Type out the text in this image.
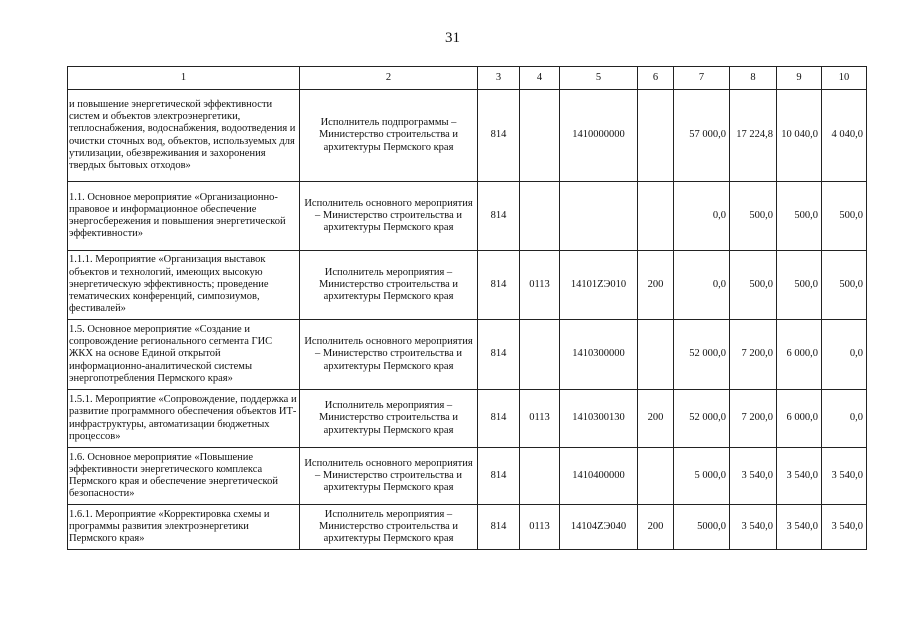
31
1	2	3	4	5	6	7	8	9	10
и повышение энергетической эффективности систем и объектов электроэнергетики, теплоснабжения, водоснабжения, водоотведения и очистки сточных вод, объектов, используемых для утилизации, обезвреживания и захоронения твердых бытовых отходов»	Исполнитель подпрограммы – Министерство строительства и архитектуры Пермского края	814		1410000000		57 000,0	17 224,8	10 040,0	4 040,0
1.1. Основное мероприятие «Организационно-правовое и информационное обеспечение энергосбережения и повышения энергетической эффективности»	Исполнитель основного мероприятия – Министерство строительства и архитектуры Пермского края	814				0,0	500,0	500,0	500,0
1.1.1. Мероприятие «Организация выставок объектов и технологий, имеющих высокую энергетическую эффективность; проведение тематических конференций, симпозиумов, фестивалей»	Исполнитель мероприятия – Министерство строительства и архитектуры Пермского края	814	0113	14101ZЭ010	200	0,0	500,0	500,0	500,0
1.5. Основное мероприятие «Создание и сопровождение регионального сегмента ГИС ЖКХ на основе Единой открытой информационно-аналитической системы энергопотребления Пермского края»	Исполнитель основного мероприятия – Министерство строительства и архитектуры Пермского края	814		1410300000		52 000,0	7 200,0	6 000,0	0,0
1.5.1. Мероприятие «Сопровождение, поддержка и развитие программного обеспечения объектов ИТ-инфраструктуры, автоматизации бюджетных процессов»	Исполнитель мероприятия – Министерство строительства и архитектуры Пермского края	814	0113	1410300130	200	52 000,0	7 200,0	6 000,0	0,0
1.6. Основное мероприятие «Повышение эффективности энергетического комплекса Пермского края и обеспечение энергетической безопасности»	Исполнитель основного мероприятия – Министерство строительства и архитектуры Пермского края	814		1410400000		5 000,0	3 540,0	3 540,0	3 540,0
1.6.1. Мероприятие «Корректировка схемы и программы развития электроэнергетики Пермского края»	Исполнитель мероприятия – Министерство строительства и архитектуры Пермского края	814	0113	14104ZЭ040	200	5000,0	3 540,0	3 540,0	3 540,0
